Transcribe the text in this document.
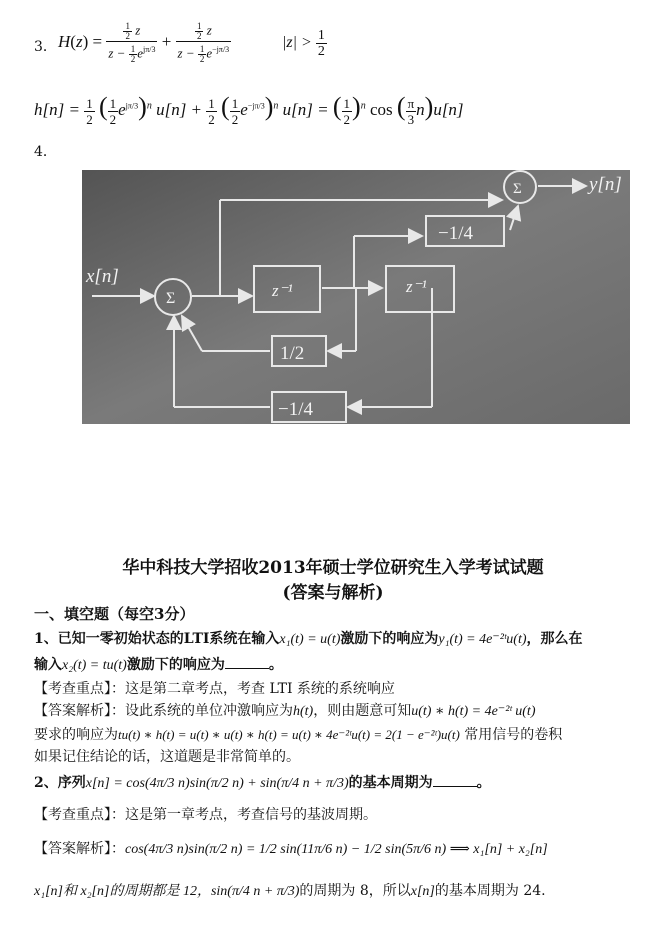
3． $H(z) = \frac{\frac{1}{2} z}{z - \frac{1}{2} e^{j\pi/3}} + \frac{\frac{1}{2} z}{z - \frac{1}{2} e^{-j\pi/3}}$	$|z| > \frac{1}{2}$
$h[n] = \frac{1}{2}$ ( $\frac{1}{2} e^{j\pi/3})^n$ $u[n] + \frac{1}{2}$ ( $\frac{1}{2} e^{-j\pi/3})^n$ u[n] = ( $\frac{1}{2} )^n$ cos ( $\frac{\pi}{3} n)u[n]$
4．
x[n]
y[n]
Σ
Σ
z⁻¹	z⁻¹
−1/4
1/2
−1/4
华中科技大学招收2013年硕士学位研究生入学考试试题
(答案与解析)
一、填空题（每空3分）
1、已知一零初始状态的LTI系统在输入x₁(t) = u(t)激励下的响应为y₁(t) = 4e⁻²ᵗu(t)，那么在
输入x₂(t) = tu(t)激励下的响应为	。
【考查重点】：这是第二章考点，考查 LTI 系统的系统响应
【答案解析】：设此系统的单位冲激响应为h(t)，则由题意可知u(t) ∗ h(t) = 4e⁻²ᵗ u(t)
要求的响应为tu(t) ∗ h(t) = u(t) ∗ u(t) ∗ h(t) = u(t) ∗ 4e⁻²ᵗu(t) = 2(1 − e⁻²ᵗ)u(t) 常用信号的卷积
如果记住结论的话，这道题是非常简单的。
2、序列x[n] = cos(4π/3 n)sin(π/2 n) + sin(π/4 n + π/3)的基本周期为	。
【考查重点】：这是第一章考点，考查信号的基波周期。
【答案解析】：cos(4π/3 n)sin(π/2 n) = 1/2 sin(11π/6 n) − 1/2 sin(5π/6 n) ⟹ x₁[n] + x₂[n]
x₁[n]和 x₂[n]的周期都是 12，sin(π/4 n + π/3)的周期为 8，所以x[n]的基本周期为 24.
